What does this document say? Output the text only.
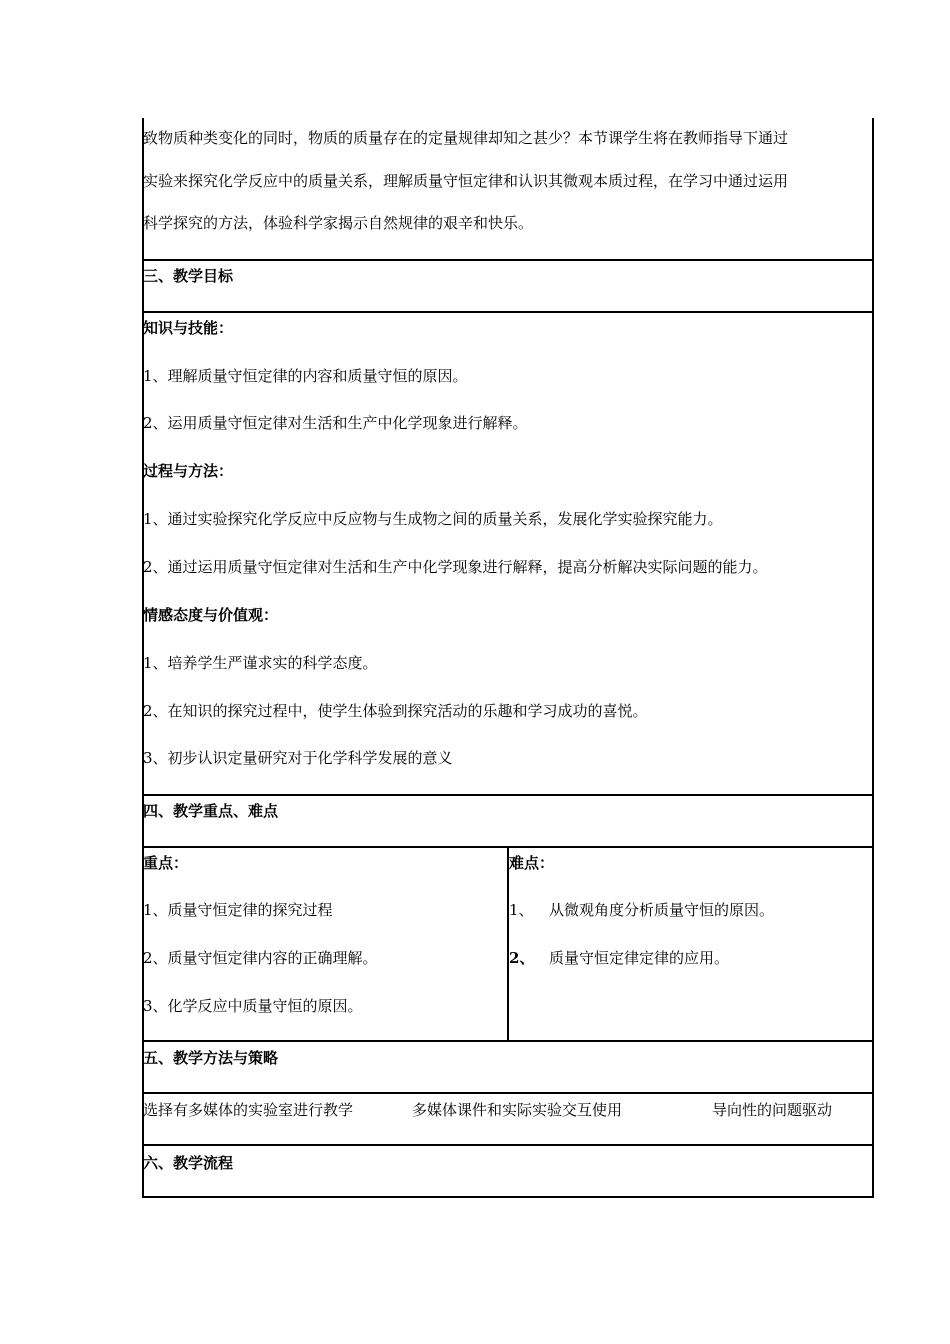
致物质种类变化的同时，物质的质量存在的定量规律却知之甚少？本节课学生将在教师指导下通过
实验来探究化学反应中的质量关系，理解质量守恒定律和认识其微观本质过程，在学习中通过运用
科学探究的方法，体验科学家揭示自然规律的艰辛和快乐。
三、教学目标
知识与技能：
1、理解质量守恒定律的内容和质量守恒的原因。
2、运用质量守恒定律对生活和生产中化学现象进行解释。
过程与方法：
1、通过实验探究化学反应中反应物与生成物之间的质量关系，发展化学实验探究能力。
2、通过运用质量守恒定律对生活和生产中化学现象进行解释，提高分析解决实际问题的能力。
情感态度与价值观：
1、培养学生严谨求实的科学态度。
2、在知识的探究过程中，使学生体验到探究活动的乐趣和学习成功的喜悦。
3、初步认识定量研究对于化学科学发展的意义
四、教学重点、难点
重点：
1、质量守恒定律的探究过程
2、质量守恒定律内容的正确理解。
3、化学反应中质量守恒的原因。
难点：
1、 从微观角度分析质量守恒的原因。
2、 质量守恒定律定律的应用。
五、教学方法与策略
选择有多媒体的实验室进行教学	多媒体课件和实际实验交互使用	导向性的问题驱动
六、教学流程
